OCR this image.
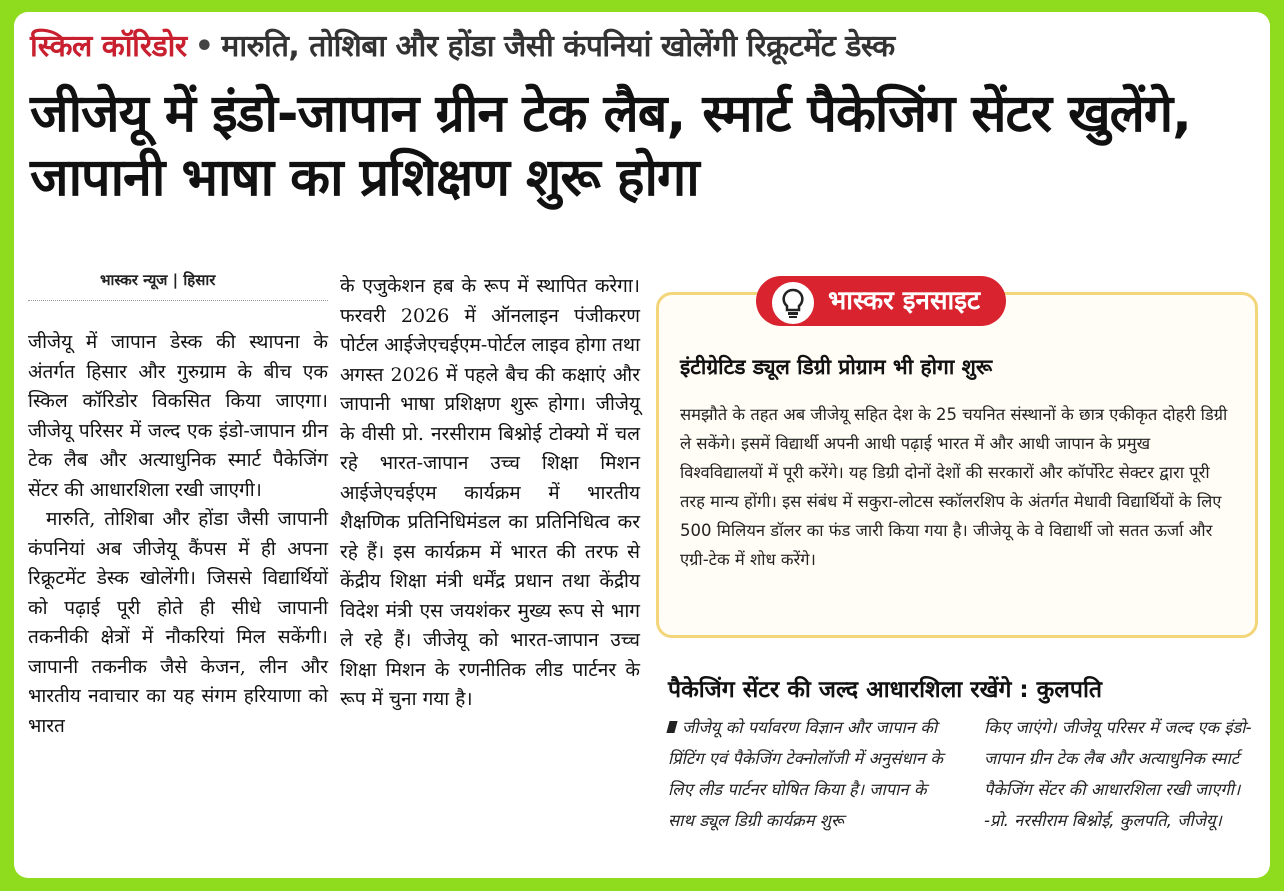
स्किल कॉरिडोर • मारुति, तोशिबा और होंडा जैसी कंपनियां खोलेंगी रिक्रूटमेंट डेस्क
जीजेयू में इंडो-जापान ग्रीन टेक लैब, स्मार्ट पैकेजिंग सेंटर खुलेंगे, जापानी भाषा का प्रशिक्षण शुरू होगा
भास्कर न्यूज | हिसार

जीजेयू में जापान डेस्क की स्थापना के अंतर्गत हिसार और गुरुग्राम के बीच एक स्किल कॉरिडोर विकसित किया जाएगा। जीजेयू परिसर में जल्द एक इंडो-जापान ग्रीन टेक लैब और अत्याधुनिक स्मार्ट पैकेजिंग सेंटर की आधारशिला रखी जाएगी।

मारुति, तोशिबा और होंडा जैसी जापानी कंपनियां अब जीजेयू कैंपस में ही अपना रिक्रूटमेंट डेस्क खोलेंगी। जिससे विद्यार्थियों को पढ़ाई पूरी होते ही सीधे जापानी तकनीकी क्षेत्रों में नौकरियां मिल सकेंगी। जापानी तकनीक जैसे केजन, लीन और भारतीय नवाचार का यह संगम हरियाणा को भारत

के एजुकेशन हब के रूप में स्थापित करेगा। फरवरी 2026 में ऑनलाइन पंजीकरण पोर्टल आईजेएचईएम-पोर्टल लाइव होगा तथा अगस्त 2026 में पहले बैच की कक्षाएं और जापानी भाषा प्रशिक्षण शुरू होगा। जीजेयू के वीसी प्रो. नरसीराम बिश्नोई टोक्यो में चल रहे भारत-जापान उच्च शिक्षा मिशन आईजेएचईएम कार्यक्रम में भारतीय शैक्षणिक प्रतिनिधिमंडल का प्रतिनिधित्व कर रहे हैं। इस कार्यक्रम में भारत की तरफ से केंद्रीय शिक्षा मंत्री धर्मेंद्र प्रधान तथा केंद्रीय विदेश मंत्री एस जयशंकर मुख्य रूप से भाग ले रहे हैं। जीजेयू को भारत-जापान उच्च शिक्षा मिशन के रणनीतिक लीड पार्टनर के रूप में चुना गया है।

भास्कर इनसाइट
इंटीग्रेटिड ड्यूल डिग्री प्रोग्राम भी होगा शुरू
समझौते के तहत अब जीजेयू सहित देश के 25 चयनित संस्थानों के छात्र एकीकृत दोहरी डिग्री ले सकेंगे। इसमें विद्यार्थी अपनी आधी पढ़ाई भारत में और आधी जापान के प्रमुख विश्वविद्यालयों में पूरी करेंगे। यह डिग्री दोनों देशों की सरकारों और कॉर्पोरेट सेक्टर द्वारा पूरी तरह मान्य होंगी। इस संबंध में सकुरा-लोटस स्कॉलरशिप के अंतर्गत मेधावी विद्यार्थियों के लिए 500 मिलियन डॉलर का फंड जारी किया गया है। जीजेयू के वे विद्यार्थी जो सतत ऊर्जा और एग्री-टेक में शोध करेंगे।
पैकेजिंग सेंटर की जल्द आधारशिला रखेंगे : कुलपति
जीजेयू को पर्यावरण विज्ञान और जापान की प्रिंटिंग एवं पैकेजिंग टेक्नोलॉजी में अनुसंधान के लिए लीड पार्टनर घोषित किया है। जापान के साथ ड्यूल डिग्री कार्यक्रम शुरू
किए जाएंगे। जीजेयू परिसर में जल्द एक इंडो-जापान ग्रीन टेक लैब और अत्याधुनिक स्मार्ट पैकेजिंग सेंटर की आधारशिला रखी जाएगी। -प्रो. नरसीराम बिश्नोई, कुलपति, जीजेयू।
